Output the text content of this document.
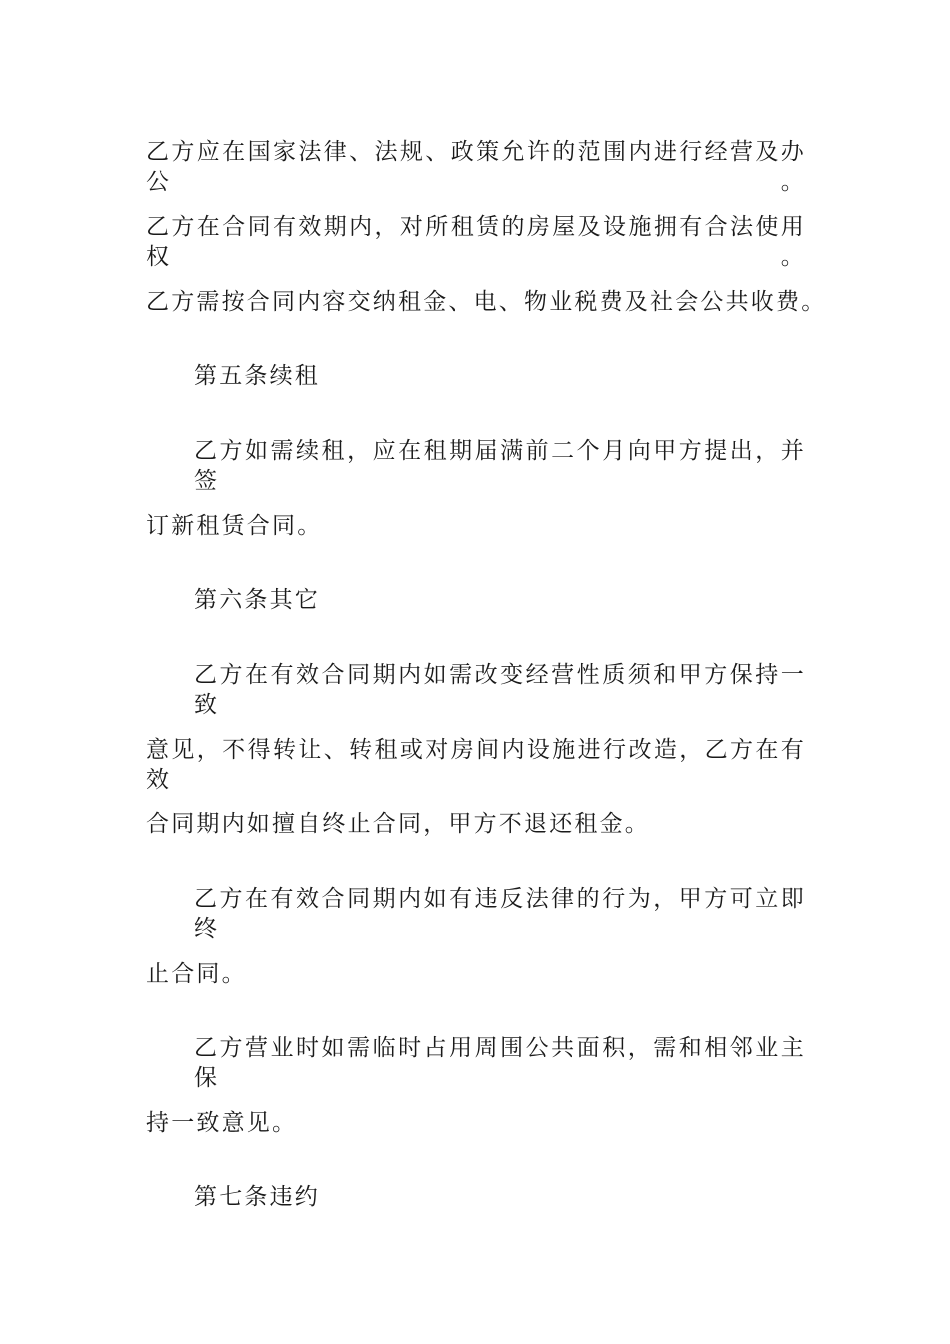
乙方应在国家法律、法规、政策允许的范围内进行经营及办公。
乙方在合同有效期内，对所租赁的房屋及设施拥有合法使用权。
乙方需按合同内容交纳租金、电、物业税费及社会公共收费。
第五条续租
乙方如需续租，应在租期届满前二个月向甲方提出，并签
订新租赁合同。
第六条其它
乙方在有效合同期内如需改变经营性质须和甲方保持一致
意见，不得转让、转租或对房间内设施进行改造，乙方在有效
合同期内如擅自终止合同，甲方不退还租金。
乙方在有效合同期内如有违反法律的行为，甲方可立即终
止合同。
乙方营业时如需临时占用周围公共面积，需和相邻业主保
持一致意见。
第七条违约
